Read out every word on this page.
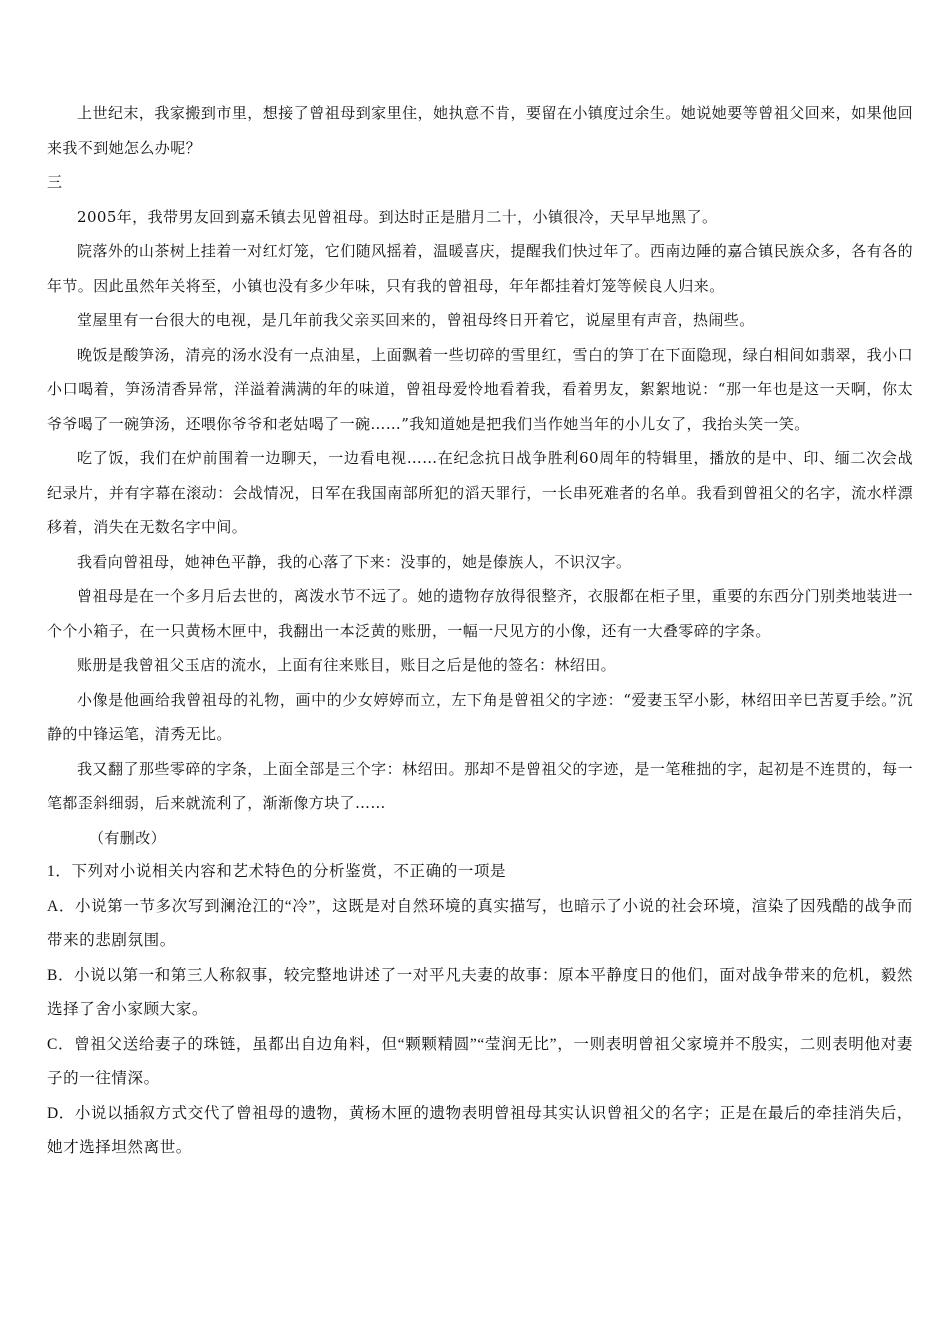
上世纪末，我家搬到市里，想接了曾祖母到家里住，她执意不肯，要留在小镇度过余生。她说她要等曾祖父回来，如果他回来我不到她怎么办呢？

三

2005年，我带男友回到嘉禾镇去见曾祖母。到达时正是腊月二十，小镇很冷，天早早地黑了。

院落外的山茶树上挂着一对红灯笼，它们随风摇着，温暖喜庆，提醒我们快过年了。西南边陲的嘉合镇民族众多，各有各的年节。因此虽然年关将至，小镇也没有多少年味，只有我的曾祖母，年年都挂着灯笼等候良人归来。

堂屋里有一台很大的电视，是几年前我父亲买回来的，曾祖母终日开着它，说屋里有声音，热闹些。

晚饭是酸笋汤，清亮的汤水没有一点油星，上面飘着一些切碎的雪里红，雪白的笋丁在下面隐现，绿白相间如翡翠，我小口小口喝着，笋汤清香异常，洋溢着满满的年的味道，曾祖母爱怜地看着我，看着男友，絮絮地说：“那一年也是这一天啊，你太爷爷喝了一碗笋汤，还喂你爷爷和老姑喝了一碗……”我知道她是把我们当作她当年的小儿女了，我抬头笑一笑。

吃了饭，我们在炉前围着一边聊天，一边看电视……在纪念抗日战争胜利60周年的特辑里，播放的是中、印、缅二次会战纪录片，并有字幕在滚动：会战情况，日军在我国南部所犯的滔天罪行，一长串死难者的名单。我看到曾祖父的名字，流水样漂移着，消失在无数名字中间。

我看向曾祖母，她神色平静，我的心落了下来：没事的，她是傣族人，不识汉字。

曾祖母是在一个多月后去世的，离泼水节不远了。她的遗物存放得很整齐，衣服都在柜子里，重要的东西分门别类地装进一个个小箱子，在一只黄杨木匣中，我翻出一本泛黄的账册，一幅一尺见方的小像，还有一大叠零碎的字条。

账册是我曾祖父玉店的流水，上面有往来账目，账目之后是他的签名：林绍田。

小像是他画给我曾祖母的礼物，画中的少女婷婷而立，左下角是曾祖父的字迹：“爱妻玉罕小影，林绍田辛巳苦夏手绘。”沉静的中锋运笔，清秀无比。

我又翻了那些零碎的字条，上面全部是三个字：林绍田。那却不是曾祖父的字迹，是一笔稚拙的字，起初是不连贯的，每一笔都歪斜细弱，后来就流利了，渐渐像方块了……

（有删改）

1．下列对小说相关内容和艺术特色的分析鉴赏，不正确的一项是

A．小说第一节多次写到澜沧江的“冷”，这既是对自然环境的真实描写，也暗示了小说的社会环境，渲染了因残酷的战争而带来的悲剧氛围。

B．小说以第一和第三人称叙事，较完整地讲述了一对平凡夫妻的故事：原本平静度日的他们，面对战争带来的危机，毅然选择了舍小家顾大家。

C．曾祖父送给妻子的珠链，虽都出自边角料，但“颗颗精圆”“莹润无比”，一则表明曾祖父家境并不殷实，二则表明他对妻子的一往情深。

D．小说以插叙方式交代了曾祖母的遗物，黄杨木匣的遗物表明曾祖母其实认识曾祖父的名字；正是在最后的牵挂消失后，她才选择坦然离世。
